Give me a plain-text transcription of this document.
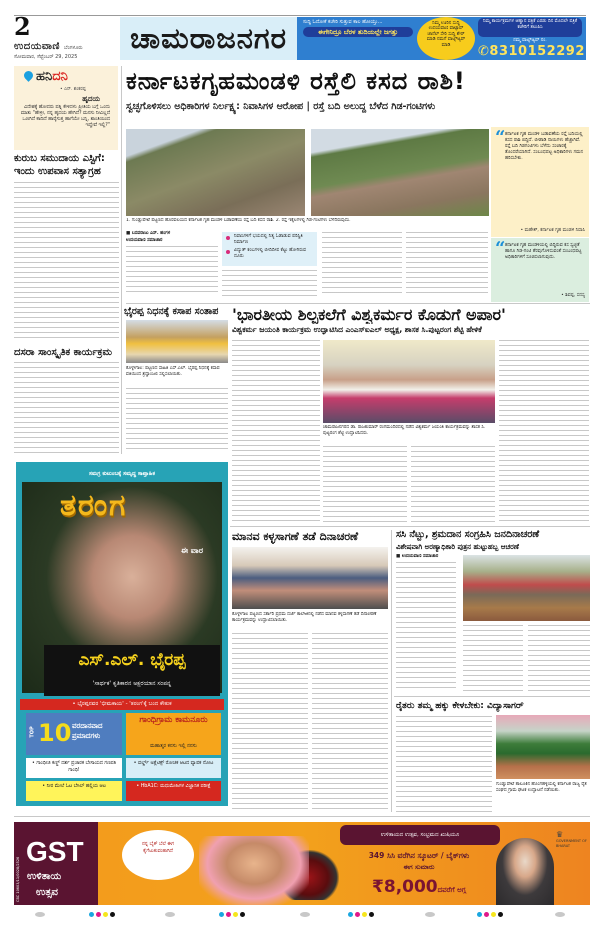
2
ಉದಯವಾಣಿ ಬೆಂಗಳೂರು
ಸೋಮವಾರ, ಸೆಪ್ಟೆಂಬರ್ 29, 2025
ಚಾಮರಾಜನಗರ	ಸುದ್ದಿ ಓದೋಕೆ ಕಚೇರಿ ಸುತ್ತುವ ಕಾಲ ಹೋಯ್ತು...
ಈಗೇನಿದ್ರೂ ಬೆರಳ ತುದಿಯಲ್ಲೇ ಜಗತ್ತು
ನಿಮ್ಮ ಊರಿನ ಸುದ್ದಿ ಉದಯವಾಣಿ ವಾಟ್ಸಾಪ್ ಚಾನೆಲ್ ಸೇರಿ ಸುದ್ದಿ ಶೇರ್ ಮಾಡಿ ನಮಗೆ ವಾಟ್ಸ್ಆ್ಯಪ್ ಮಾಡಿ
ನಿಮ್ಮ ಕಾರ್ಯಕ್ರಮಗಳ ಆಹ್ವಾನ ಪತ್ರಿಕೆ ಎರಡು ದಿನ ಮೊದಲೇ ಪತ್ರಿಕೆ ಕಚೇರಿಗೆ ತಲುಪಿಸಿ
ನಮ್ಮ ವಾಟ್ಸ್ಆ್ಯಪ್ ನಂ.
✆8310152292
ಹನಿದನಿ
• ಎನ್. ಶಂಕರಪ್ಪ
ಹೃದಯ
ವಿದೇಶಕ್ಕೆ ಹೋದರು ಪತ್ನಿ ಕೇಳಿದಳು ಪ್ರೀತಿಯ ಬಗ್ಗೆ ಒಂದು ಮಾತು "ಹೇಳ್ರೀ, ನನ್ನ ಹೃದಯ ಹೇಗಿದೆ? ಮನಸು ನೀವಿಲ್ಲದೆ ಒಣಗಿದೆ ಕಾದಿದೆ ಹಾರೈಸುತ್ತ ಹಾಗೆಯೇ ಬನ್ನಿ, ಶಾಂತಿಯಿಂದ ಇದ್ದೇವೆ ಇಲ್ಲಿ?"
ಕುರುಬ ಸಮುದಾಯ ಎಸ್ಟಿಗೆ: ಇಂದು ಉಪವಾಸ ಸತ್ಯಾಗ್ರಹ
ದಸರಾ ಸಾಂಸ್ಕೃತಿಕ ಕಾರ್ಯಕ್ರಮ
ಕರ್ನಾಟಕಗೃಹಮಂಡಳಿ ರಸ್ತೆಲಿ ಕಸದ ರಾಶಿ!
ಸ್ವಚ್ಛಗೊಳಿಸಲು ಅಧಿಕಾರಿಗಳ ನಿರ್ಲಕ್ಷ್ಯ: ನಿವಾಸಿಗಳ ಆರೋಪ | ರಸ್ತೆ ಬದಿ ಅಲುದ್ದ ಬೆಳೆದ ಗಿಡ-ಗಂಟಿಗಳು
1. ಗುಂಡ್ಲುಪೇಟೆ ಪಟ್ಟಣದ ಹೊರವಲಯದ ಕರ್ನಾಟಕ ಗೃಹ ಮಂಡಳಿ ಬಡಾವಣೆಯ ರಸ್ತೆ ಬದಿ ಕಸದ ರಾಶಿ. 2. ರಸ್ತೆ ಇಕ್ಕೆಲಗಳಲ್ಲಿ ಗಿಡ-ಗಂಟಿಗಳು ಬೆಳೆದಿರುವುದು.
■ ಬಸವರಾಜು ಎಸ್. ಹಂಗಳ
ಉದಯವಾಣಿ ಸಮಾಚಾರ
ನಿವಾಸಿಗಳಿಗೆ ಭಯದಲ್ಲಿ ನಿತ್ಯ ಓಡಾಡುವ ಪರಿಸ್ಥಿತಿ ನಿರ್ಮಾಣ
ವಿದ್ಯುತ್ ಕಂಬಗಳಲ್ಲಿ ಬೀದಿದೀಪ ಕೆಟ್ಟು ಹೋಗಿರುವ ದೂರು
“ ಕರ್ನಾಟಕ ಗೃಹ ಮಂಡಳಿ ಬಡಾವಣೆಯ ರಸ್ತೆ ಬದಿಯಲ್ಲಿ ಕಸದ ರಾಶಿ ಬಿದ್ದಿದೆ. ಬೀಡಾಡಿ ನಾಯಿಗಳು ಹೆಚ್ಚಾಗಿವೆ. ರಸ್ತೆ ಬದಿ ಗಿಡಗಂಟಿಗಳು ಬೆಳೆದು ಸಂಚಾರಕ್ಕೆ ತೊಂದರೆಯಾಗಿದೆ. ಸಂಬಂಧಪಟ್ಟ ಅಧಿಕಾರಿಗಳು ಗಮನ ಹರಿಸಬೇಕು.
• ಮಹೇಶ್, ಕರ್ನಾಟಕ ಗೃಹ ಮಂಡಳಿ ನಿವಾಸಿ
“ ಕರ್ನಾಟಕ ಗೃಹ ಮಂಡಳಿಯಲ್ಲಿ ಬಿದ್ದಿರುವ ಕಸ ಸ್ವಚ್ಛತೆ ಹಾಗೂ ಗಿಡ-ಗಂಟಿ ತೆರವುಗೊಳಿಸುವಂತೆ ಸಂಬಂಧಪಟ್ಟ ಅಧಿಕಾರಿಗಳಿಗೆ ಸೂಚಿಸಲಾಗುವುದು.
• ಶಿವಪ್ಪ, ಸದಸ್ಯ
ಭೈರಪ್ಪ ನಿಧನಕ್ಕೆ ಕಸಾಪ ಸಂತಾಪ
ಕೊಳ್ಳೇಗಾಲ: ಪಟ್ಟಣದ ಸಾಹಿತಿ ಎಸ್.ಎಲ್. ಭೈರಪ್ಪ ನಿಧನಕ್ಕೆ ಕಸಾಪ ವತಿಯಿಂದ ಶ್ರದ್ಧಾಂಜಲಿ ಸಲ್ಲಿಸಲಾಯಿತು.
'ಭಾರತೀಯ ಶಿಲ್ಪಕಲೆಗೆ ವಿಶ್ವಕರ್ಮರ ಕೊಡುಗೆ ಅಪಾರ'
ವಿಶ್ವಕರ್ಮ ಜಯಂತಿ ಕಾರ್ಯಕ್ರಮ ಉದ್ಘಾಟಿಸಿದ ಎಂಎಸ್‌ಐಎಲ್ ಅಧ್ಯಕ್ಷ, ಶಾಸಕ ಸಿ.ಪುಟ್ಟರಂಗ ಶೆಟ್ಟಿ ಹೇಳಿಕೆ
ಚಾಮರಾಜನಗರದ ಡಾ. ರಾಜಕುಮಾರ್ ರಂಗಮಂದಿರದಲ್ಲಿ ನಡೆದ ವಿಶ್ವಕರ್ಮ ಜಯಂತಿ ಕಾರ್ಯಕ್ರಮವನ್ನು ಶಾಸಕ ಸಿ. ಪುಟ್ಟರಂಗ ಶೆಟ್ಟಿ ಉದ್ಘಾಟಿಸಿದರು.
ಸಮಗ್ರ ಕುಟುಂಬಕ್ಕೆ ಸಮೃದ್ಧ ಸಾಪ್ತಾಹಿಕ
ತರಂಗ
ಈ ವಾರ
ಎಸ್.ಎಲ್. ಭೈರಪ್ಪ
'ಸಾರ್ಥಕ' ಕೃತಿಕಾರನ ಅಕ್ಷರಯಾನ ಸಂಪನ್ನ
• ಭೈರಪ್ಪನವರ 'ಭೀಮಕಾಯ' - 'ತರಂಗ'ಕ್ಕೆ ಬಂದ ಕೌತುಕ
TOP 10 ವರದಾನವಾದ ಪ್ರಮಾದಗಳು
ಗಾಂಧಿಗ್ರಾಮ ಕಾಮನೂರು
ಮಹಾತ್ಮರ ಕನಸು ಇಲ್ಲಿ ನನಸು
• ಗಾಂಧೀಜಿ ಕಣ್ಣ್ ದರ್ಶ ಪ್ರಚಾರಕ ಬೇಸಾಯದ ಗಣಪತಿ ಗಾಂಧಿ!
• ವರ್ಲ್ಡ್ ಅತ್ಲೆಟಿಕ್ಸ್ ರೋಚಕ ಆಟದ ವ್ಯಾಪಕ ನೋಟ
• ನೀರ ಮೇಲೆ ಓಟ ಬೆಸಿಲ್ ಹಲ್ಲಿಯ ಆಟ	• HbA1C: ಮಧುಮೇಹಿಗಳ ವಿಜ್ಞಾನಿಕ ಪರೀಕ್ಷೆ
ಮಾನವ ಕಳ್ಳಸಾಗಣೆ ತಡೆ ದಿನಾಚರಣೆ
ಕೊಳ್ಳೇಗಾಲ ಪಟ್ಟಣದ ಸರ್ಕಾರಿ ಪ್ರಥಮ ದರ್ಜೆ ಕಾಲೇಜಿನಲ್ಲಿ ನಡೆದ ಮಾನವ ಕಳ್ಳಸಾಗಣೆ ತಡೆ ದಿನಾಚರಣೆ ಕಾರ್ಯಕ್ರಮವನ್ನು ಉದ್ಘಾಟಿಸಲಾಯಿತು.
ಸಸಿ ನೆಟ್ಟು, ಶ್ರಮದಾನ ಸಂಗ್ರಹಿಸಿ ಜನದಿನಾಚರಣೆ
ವಿಶೇಷವಾಗಿ ಅರಣ್ಯಾಧಿಕಾರಿ ಪುತ್ರನ ಹುಟ್ಟುಹಬ್ಬ ಆಚರಣೆ
■ ಉದಯವಾಣಿ ಸಮಾಚಾರ
ರೈತರು ತಮ್ಮ ಹಕ್ಕು ಕೇಳಬೇಕು: ವಿದ್ಯಾಸಾಗರ್
ಗುಂಡ್ಲುಪೇಟೆ ತಾಲೂಕಿನ ಹೊಂಗಹಳ್ಳಿಯಲ್ಲಿ ಕರ್ನಾಟಕ ರಾಜ್ಯ ರೈತ ಸಂಘದ ಗ್ರಾಮ ಘಟಕ ಉದ್ಘಾಟನೆ ನಡೆಯಿತು.
CBC 10603/11/0028/2526
GST
ಉಳಿತಾಯ
ಉತ್ಸವ
ನನ್ನ ಬೈಕ್ ಬೆಲೆ ಈಗ ಕೈಗೆಟುಕುವಂತಾಗಿದೆ
ಉಳಿತಾಯದ ಉತ್ಸವ, ಸಂಭ್ರಮದ ಖುಷಿಯೂ
349 ಸಿಸಿ ವರೆಗಿನ ಸ್ಕೂಟರ್ / ಬೈಕ್‌ಗಳು
ಈಗ ಸುಮಾರು
₹8,000ದವರೆಗೆ ಅಗ್ಗ
♛
GOVERNMENT OF BHARAT
